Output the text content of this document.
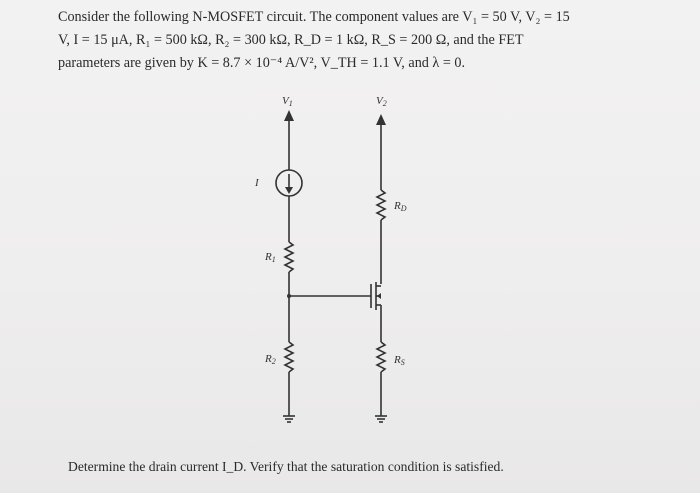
Consider the following N-MOSFET circuit. The component values are V₁ = 50 V, V₂ = 15
V, I = 15 μA, R₁ = 500 kΩ, R₂ = 300 kΩ, R_D = 1 kΩ, R_S = 200 Ω, and the FET
parameters are given by K = 8.7 × 10⁻⁴ A/V², V_TH = 1.1 V, and λ = 0.
V1	V2
I
R1
R2
RD
RS
Determine the drain current I_D. Verify that the saturation condition is satisfied.
